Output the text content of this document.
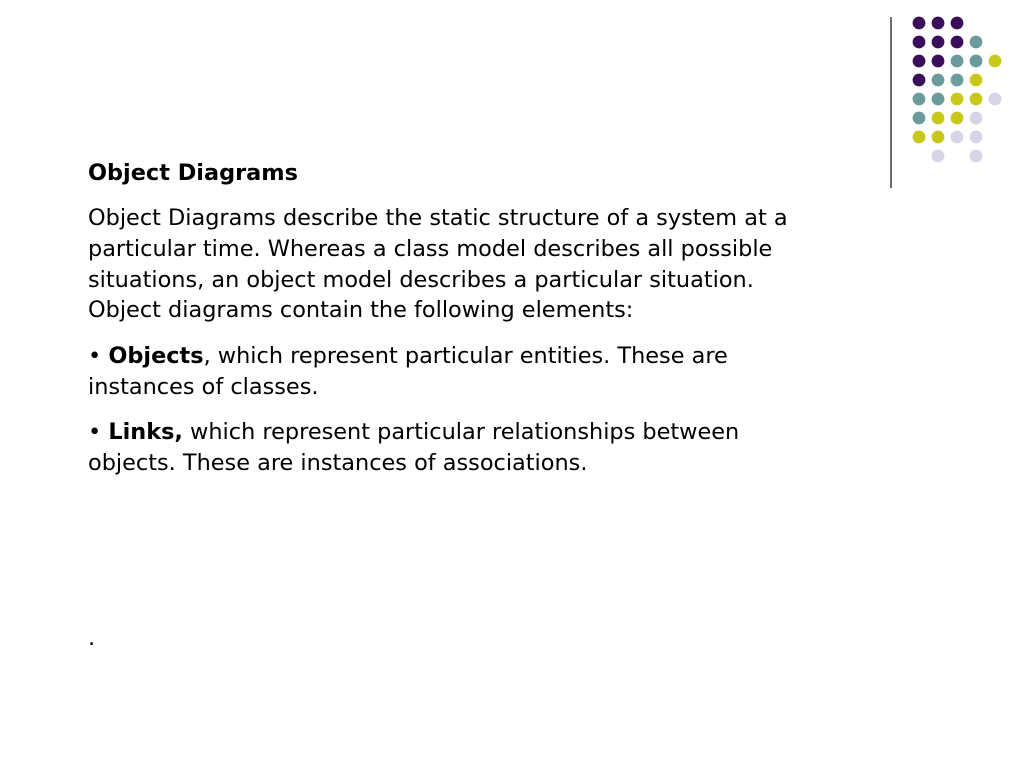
Object Diagrams

Object Diagrams describe the static structure of a system at a particular time. Whereas a class model describes all possible situations, an object model describes a particular situation. Object diagrams contain the following elements:

• Objects, which represent particular entities. These are instances of classes.

• Links, which represent particular relationships between objects. These are instances of associations.

.
